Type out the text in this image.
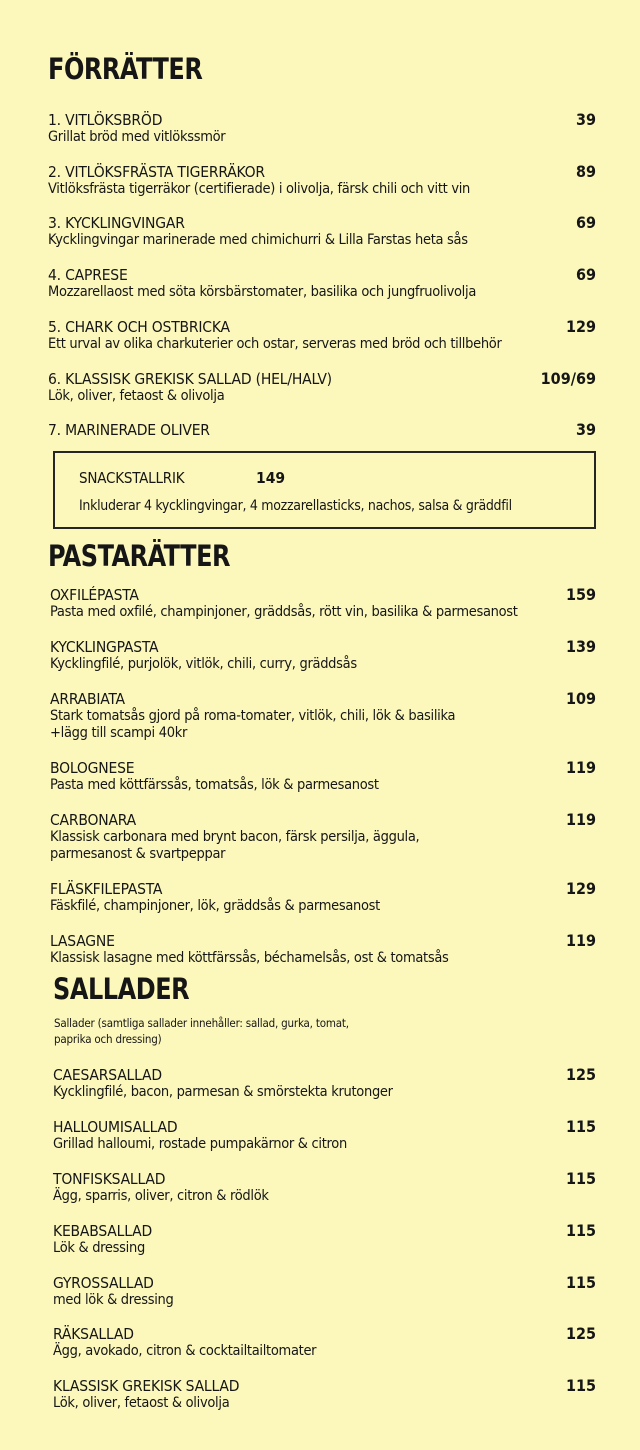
FÖRRÄTTER
1. VITLÖKSBRÖD
Grillat bröd med vitlökssmör
39
2. VITLÖKSFRÄSTA TIGERRÄKOR
Vitlöksfrästa tigerräkor (certifierade) i olivolja, färsk chili och vitt vin
89
3. KYCKLINGVINGAR
Kycklingvingar marinerade med chimichurri & Lilla Farstas heta sås
69
4. CAPRESE
Mozzarellaost med söta körsbärstomater, basilika och jungfruolivolja
69
5. CHARK OCH OSTBRICKA
Ett urval av olika charkuterier och ostar, serveras med bröd och tillbehör
129
6. KLASSISK GREKISK SALLAD (HEL/HALV)
Lök, oliver, fetaost & olivolja
109/69
7. MARINERADE OLIVER	39
SNACKSTALLRIK	149
Inkluderar 4 kycklingvingar, 4 mozzarellasticks, nachos, salsa & gräddfil
PASTARÄTTER
OXFILÉPASTA
Pasta med oxfilé, champinjoner, gräddsås, rött vin, basilika & parmesanost
159
KYCKLINGPASTA
Kycklingfilé, purjolök, vitlök, chili, curry, gräddsås
139
ARRABIATA
Stark tomatsås gjord på roma-tomater, vitlök, chili, lök & basilika
+lägg till scampi 40kr
109
BOLOGNESE
Pasta med köttfärssås, tomatsås, lök & parmesanost
119
CARBONARA
Klassisk carbonara med brynt bacon, färsk persilja, äggula,
parmesanost & svartpeppar
119
FLÄSKFILEPASTA
Fäskfilé, champinjoner, lök, gräddsås & parmesanost
129
LASAGNE
Klassisk lasagne med köttfärssås, béchamelsås, ost & tomatsås
119
SALLADER
Sallader (samtliga sallader innehåller: sallad, gurka, tomat, paprika och dressing)
CAESARSALLAD
Kycklingfilé, bacon, parmesan & smörstekta krutonger
125
HALLOUMISALLAD
Grillad halloumi, rostade pumpakärnor & citron
115
TONFISKSALLAD
Ägg, sparris, oliver, citron & rödlök
115
KEBABSALLAD
Lök & dressing
115
GYROSSALLAD
med lök & dressing
115
RÄKSALLAD
Ägg, avokado, citron & cocktailtailtomater
125
KLASSISK GREKISK SALLAD
Lök, oliver, fetaost & olivolja
115
